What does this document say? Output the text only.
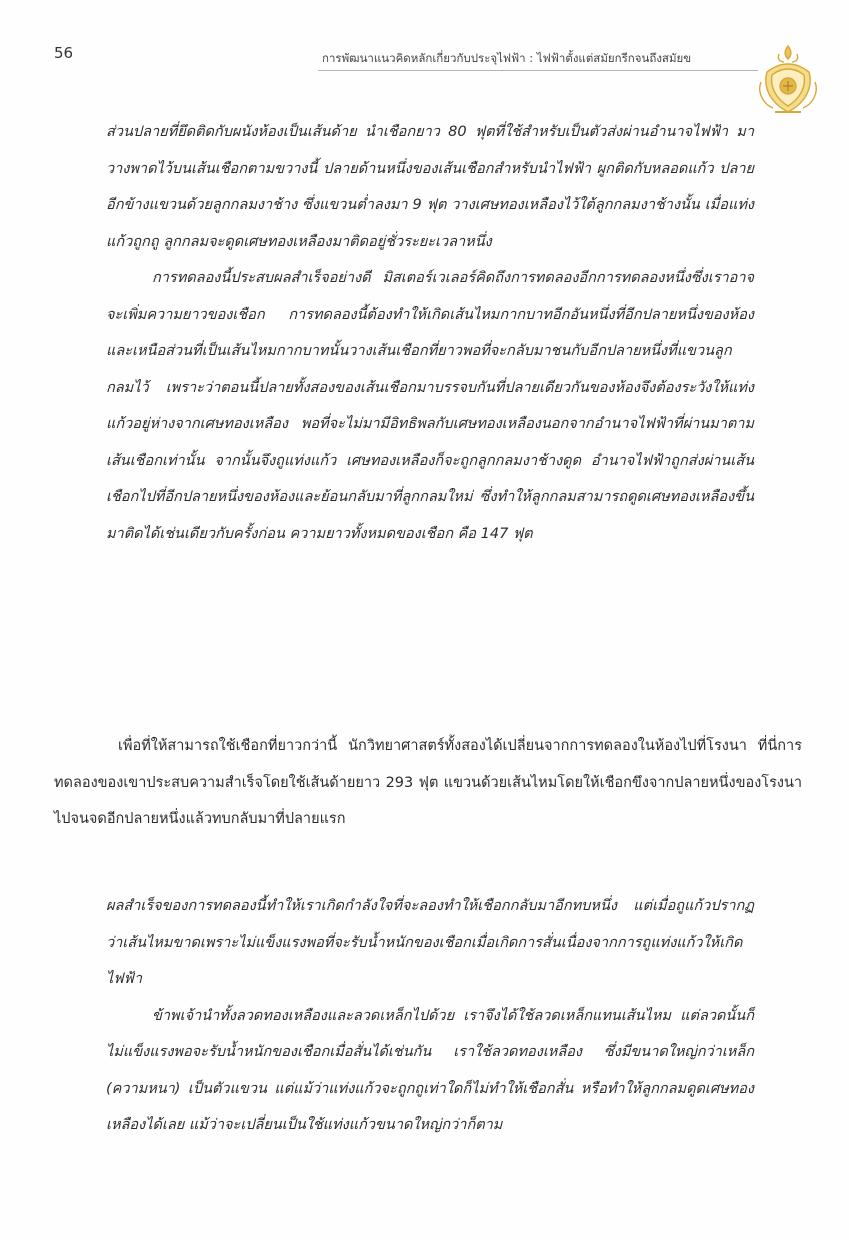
56	การพัฒนาแนวคิดหลักเกี่ยวกับประจุไฟฟ้า : ไฟฟ้าตั้งแต่สมัยกรีกจนถึงสมัยข

ส่วนปลายที่ยึดติดกับผนังห้องเป็นเส้นด้าย นำเชือกยาว 80 ฟุตที่ใช้สำหรับเป็นตัวส่งผ่านอำนาจไฟฟ้า มาวางพาดไว้บนเส้นเชือกตามขวางนี้ ปลายด้านหนึ่งของเส้นเชือกสำหรับนำไฟฟ้า ผูกติดกับหลอดแก้ว ปลายอีกข้างแขวนด้วยลูกกลมงาช้าง ซึ่งแขวนต่ำลงมา 9 ฟุต วางเศษทองเหลืองไว้ใต้ลูกกลมงาช้างนั้น เมื่อแท่งแก้วถูกถู ลูกกลมจะดูดเศษทองเหลืองมาติดอยู่ชั่วระยะเวลาหนึ่ง

การทดลองนี้ประสบผลสำเร็จอย่างดี มิสเตอร์เวเลอร์คิดถึงการทดลองอีกการทดลองหนึ่งซึ่งเราอาจจะเพิ่มความยาวของเชือก การทดลองนี้ต้องทำให้เกิดเส้นไหมกากบาทอีกอันหนึ่งที่อีกปลายหนึ่งของห้อง และเหนือส่วนที่เป็นเส้นไหมกากบาทนั้นวางเส้นเชือกที่ยาวพอที่จะกลับมาชนกับอีกปลายหนึ่งที่แขวนลูกกลมไว้ เพราะว่าตอนนี้ปลายทั้งสองของเส้นเชือกมาบรรจบกันที่ปลายเดียวกันของห้องจึงต้องระวังให้แท่งแก้วอยู่ห่างจากเศษทองเหลือง พอที่จะไม่มามีอิทธิพลกับเศษทองเหลืองนอกจากอำนาจไฟฟ้าที่ผ่านมาตามเส้นเชือกเท่านั้น จากนั้นจึงถูแท่งแก้ว เศษทองเหลืองก็จะถูกลูกกลมงาช้างดูด อำนาจไฟฟ้าถูกส่งผ่านเส้นเชือกไปที่อีกปลายหนึ่งของห้องและย้อนกลับมาที่ลูกกลมใหม่ ซึ่งทำให้ลูกกลมสามารถดูดเศษทองเหลืองขึ้นมาติดได้เช่นเดียวกับครั้งก่อน ความยาวทั้งหมดของเชือก คือ 147 ฟุต

เพื่อที่ให้สามารถใช้เชือกที่ยาวกว่านี้ นักวิทยาศาสตร์ทั้งสองได้เปลี่ยนจากการทดลองในห้องไปที่โรงนา ที่นี่การทดลองของเขาประสบความสำเร็จโดยใช้เส้นด้ายยาว 293 ฟุต แขวนด้วยเส้นไหมโดยให้เชือกขึงจากปลายหนึ่งของโรงนาไปจนจดอีกปลายหนึ่งแล้วทบกลับมาที่ปลายแรก

ผลสำเร็จของการทดลองนี้ทำให้เราเกิดกำลังใจที่จะลองทำให้เชือกกลับมาอีกทบหนึ่ง แต่เมื่อถูแก้วปรากฏว่าเส้นไหมขาดเพราะไม่แข็งแรงพอที่จะรับน้ำหนักของเชือกเมื่อเกิดการสั่นเนื่องจากการถูแท่งแก้วให้เกิดไฟฟ้า

ข้าพเจ้านำทั้งลวดทองเหลืองและลวดเหล็กไปด้วย เราจึงได้ใช้ลวดเหล็กแทนเส้นไหม แต่ลวดนั้นก็ไม่แข็งแรงพอจะรับน้ำหนักของเชือกเมื่อสั่นได้เช่นกัน เราใช้ลวดทองเหลือง ซึ่งมีขนาดใหญ่กว่าเหล็ก (ความหนา) เป็นตัวแขวน แต่แม้ว่าแท่งแก้วจะถูกถูเท่าใดก็ไม่ทำให้เชือกสั่น หรือทำให้ลูกกลมดูดเศษทองเหลืองได้เลย แม้ว่าจะเปลี่ยนเป็นใช้แท่งแก้วขนาดใหญ่กว่าก็ตาม
